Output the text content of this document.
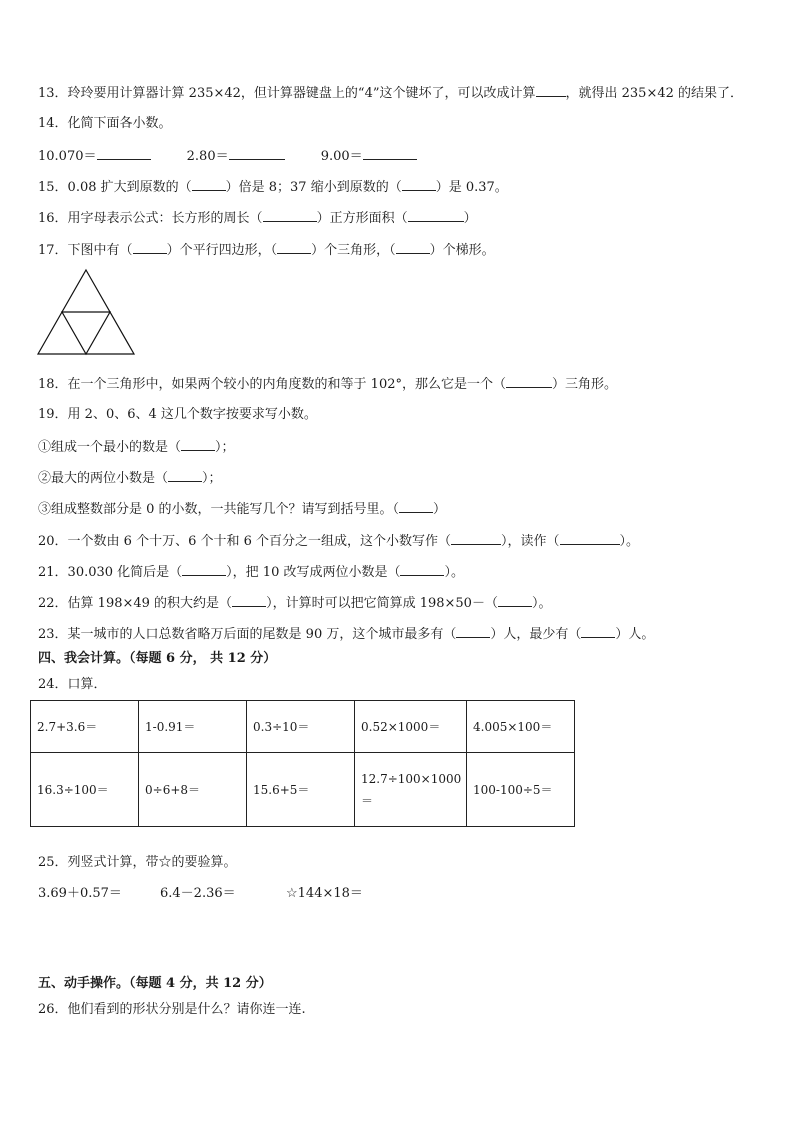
13．玲玲要用计算器计算 235×42，但计算器键盘上的“4”这个键坏了，可以改成计算 ，就得出 235×42 的结果了．
14．化简下面各小数。
10.070＝	2.80＝	9.00＝
15．0.08 扩大到原数的（	）倍是 8；37 缩小到原数的（	）是 0.37。
16．用字母表示公式：长方形的周长（	）正方形面积（	）
17．下图中有（	）个平行四边形，（	）个三角形，（	）个梯形。
18．在一个三角形中，如果两个较小的内角度数的和等于 102°，那么它是一个（	）三角形。
19．用 2、0、6、4 这几个数字按要求写小数。
①组成一个最小的数是（	）；
②最大的两位小数是（	）；
③组成整数部分是 0 的小数，一共能写几个？请写到括号里。（	）
20．一个数由 6 个十万、6 个十和 6 个百分之一组成，这个小数写作（	），读作（	）。
21．30.030 化简后是（	），把 10 改写成两位小数是（	）。
22．估算 198×49 的积大约是（	），计算时可以把它简算成 198×50－（	）。
23．某一城市的人口总数省略万后面的尾数是 90 万，这个城市最多有（	）人，最少有（	）人。
四、我会计算。（每题 6 分， 共 12 分）
24．口算．
2.7+3.6＝	1-0.91＝	0.3÷10＝	0.52×1000＝	4.005×100＝
16.3÷100＝	0÷6+8＝	15.6+5＝	12.7÷100×1000＝	100-100÷5＝
25．列竖式计算，带☆的要验算。
3.69＋0.57＝	6.4－2.36＝	☆144×18＝
五、动手操作。（每题 4 分，共 12 分）
26．他们看到的形状分别是什么？请你连一连.
